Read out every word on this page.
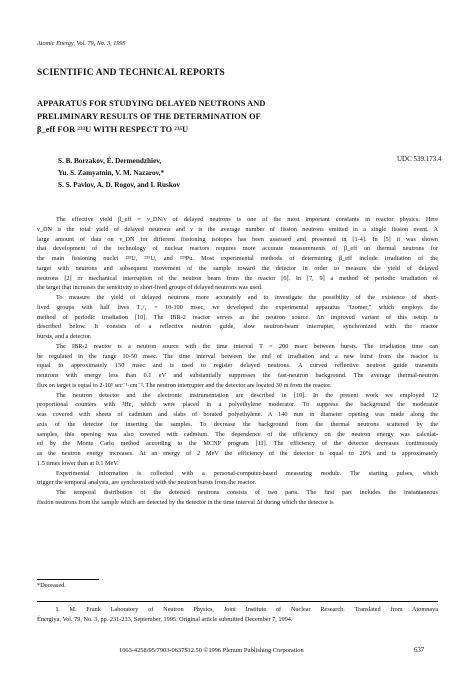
Atomic Energy, Vol. 79, No. 3, 1995
SCIENTIFIC AND TECHNICAL REPORTS
APPARATUS FOR STUDYING DELAYED NEUTRONS AND
PRELIMINARY RESULTS OF THE DETERMINATION OF
β_eff FOR ²³³U WITH RESPECT TO ²³⁵U
S. B. Borzakov, É. Dermendzhiev,
Yu. S. Zamyatnin, V. M. Nazarov,*
S. S. Pavlov, A. D. Rogov, and I. Ruskov
UDC 539.173.4

The effective yield β_eff = ν_DN/ν of delayed neutrons is one of the most important constants in reactor physics. Here

ν_DN is the total yield of delayed neutrons and ν is the average number of fission neutrons emitted in a single fission event. A
large amount of data on ν_DN for different fissioning isotopes has been assessed and presented in [1-4]. In [5] it was shown
that development of the technology of nuclear reactors requires more accurate measurements of β_eff on thermal neutrons for
the main fissioning nuclei ²³³U, ²³⁵U, and ²³⁹Pu. Most experimental methods of determining β_eff include irradiation of the
target with neutrons and subsequent movement of the sample toward the detector in order to measure the yield of delayed
neutrons [2] or mechanical interruption of the neutron beam from the reactor [6]. In [7, 9] a method of periodic irradiation of
the target that increases the sensitivity to short-lived groups of delayed neutrons was used.

To measure the yield of delayed neutrons more accurately and to investigate the possibility of the existence of short-

lived groups with half lives T₁/₂ = 10-100 msec, we developed the experimental apparatus "Izomer," which employs the
method of periodic irradiation [10]. The IBR-2 reactor serves as the neutron source. An improved variant of this setup is
described below. It consists of a reflective neutron guide, slow neutron-beam interrupter, synchronized with the reactor
bursts, and a detector.

The IBR-2 reactor is a neutron source with the time interval T = 200 msec between bursts. The irradiation time can

be regulated in the range 10-50 msec. The time interval between the end of irradiation and a new burst from the reactor is
equal to approximately 150 msec and is used to register delayed neutrons. A curved reflective neutron guide transmits
neutrons with energy less than 0.1 eV and substantially suppresses the fast-neutron background. The average thermal-neutron
flux on target is equal to 2·10⁵ sec⁻¹·cm⁻². The neutron interrupter and the detector are located 30 m from the reactor.

The neutron detector and the electronic instrumentation are described in [10]. In the present work we employed 12

proportional counters with ³He, which were placed in a polyethylene moderator. To suppress the background the moderator
was covered with sheets of cadmium and slabs of borated polyethylene. A 140 mm in diameter opening was made along the
axis of the detector for inserting the samples. To decrease the background from the thermal neutrons scattered by the
samples, this opening was also covered with cadmium. The dependence of the efficiency on the neutron energy was calculat-
ed by the Monte Carlo method according to the MCNP program [11]. The efficiency of the detector decreases continuously
as the neutron energy increases. At an energy of 2 MeV the efficiency of the detector is equal to 20% and is approximately
1.5 times lower than at 0.1 MeV.

Experimental information is collected with a personal-computer-based measuring module. The starting pulses, which

trigger the temporal analysis, are synchronized with the neutron bursts from the reactor.

The temporal distribution of the detected neutrons consists of two parts. The first part includes the instantaneous

fission neutrons from the sample which are detected by the detector in the time interval Δt during which the detector is
*Deceased.

I. M. Frank Laboratory of Neutron Physics, Joint Institute of Nuclear Research. Translated from Atomnaya

Énergiya, Vol. 79, No. 3, pp. 231-233, September, 1995. Original article submitted December 7, 1994.
1063-4258/95/7903-0637$12.50 ©1996 Plenum Publishing Corporation	637
